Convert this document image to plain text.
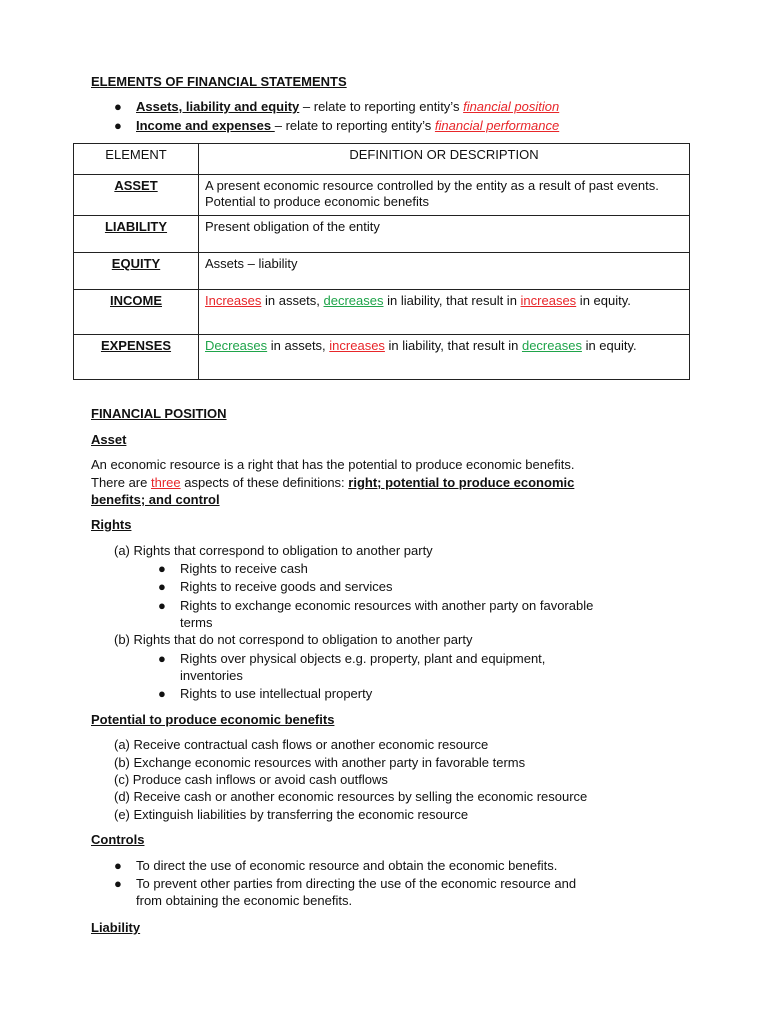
ELEMENTS OF FINANCIAL STATEMENTS
● Assets, liability and equity – relate to reporting entity’s financial position
● Income and expenses – relate to reporting entity’s financial performance
ELEMENT	DEFINITION OR DESCRIPTION
ASSET	A present economic resource controlled by the entity as a result of past events. Potential to produce economic benefits
LIABILITY	Present obligation of the entity
EQUITY	Assets – liability
INCOME	Increases in assets, decreases in liability, that result in increases in equity.
EXPENSES	Decreases in assets, increases in liability, that result in decreases in equity.
FINANCIAL POSITION
Asset
An economic resource is a right that has the potential to produce economic benefits.
There are three aspects of these definitions: right; potential to produce economic
benefits; and control
Rights
(a) Rights that correspond to obligation to another party
● Rights to receive cash
● Rights to receive goods and services
● Rights to exchange economic resources with another party on favorable
terms
(b) Rights that do not correspond to obligation to another party
● Rights over physical objects e.g. property, plant and equipment,
inventories
● Rights to use intellectual property
Potential to produce economic benefits
(a) Receive contractual cash flows or another economic resource
(b) Exchange economic resources with another party in favorable terms
(c) Produce cash inflows or avoid cash outflows
(d) Receive cash or another economic resources by selling the economic resource
(e) Extinguish liabilities by transferring the economic resource
Controls
● To direct the use of economic resource and obtain the economic benefits.
● To prevent other parties from directing the use of the economic resource and
from obtaining the economic benefits.
Liability
